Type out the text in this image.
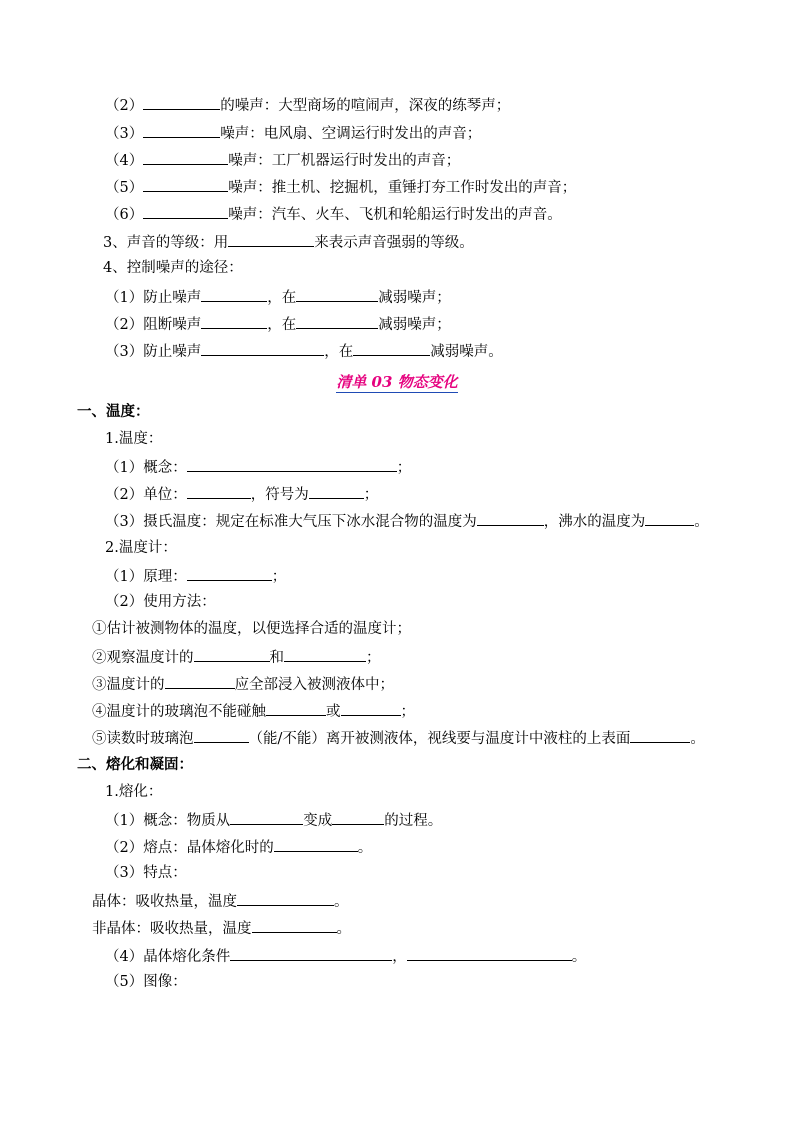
（2）	的噪声：大型商场的喧闹声，深夜的练琴声；
（3）	噪声：电风扇、空调运行时发出的声音；
（4）	噪声：工厂机器运行时发出的声音；
（5）	噪声：推土机、挖掘机，重锤打夯工作时发出的声音；
（6）	噪声：汽车、火车、飞机和轮船运行时发出的声音。
3、声音的等级：用	来表示声音强弱的等级。
4、控制噪声的途径：
（1）防止噪声	，在	减弱噪声；
（2）阻断噪声	，在	减弱噪声；
（3）防止噪声	，在	减弱噪声。
清单 03 物态变化
一、温度：
1.温度：
（1）概念：	；
（2）单位：	，符号为	；
（3）摄氏温度：规定在标准大气压下冰水混合物的温度为	，沸水的温度为	。
2.温度计：
（1）原理：	；
（2）使用方法：
①估计被测物体的温度，以便选择合适的温度计；
②观察温度计的	和	；
③温度计的	应全部浸入被测液体中；
④温度计的玻璃泡不能碰触	或	；
⑤读数时玻璃泡	（能/不能）离开被测液体，视线要与温度计中液柱的上表面	。
二、熔化和凝固：
1.熔化：
（1）概念：物质从	变成	的过程。
（2）熔点：晶体熔化时的	。
（3）特点：
晶体：吸收热量，温度	。
非晶体：吸收热量，温度	。
（4）晶体熔化条件	，	。
（5）图像：
